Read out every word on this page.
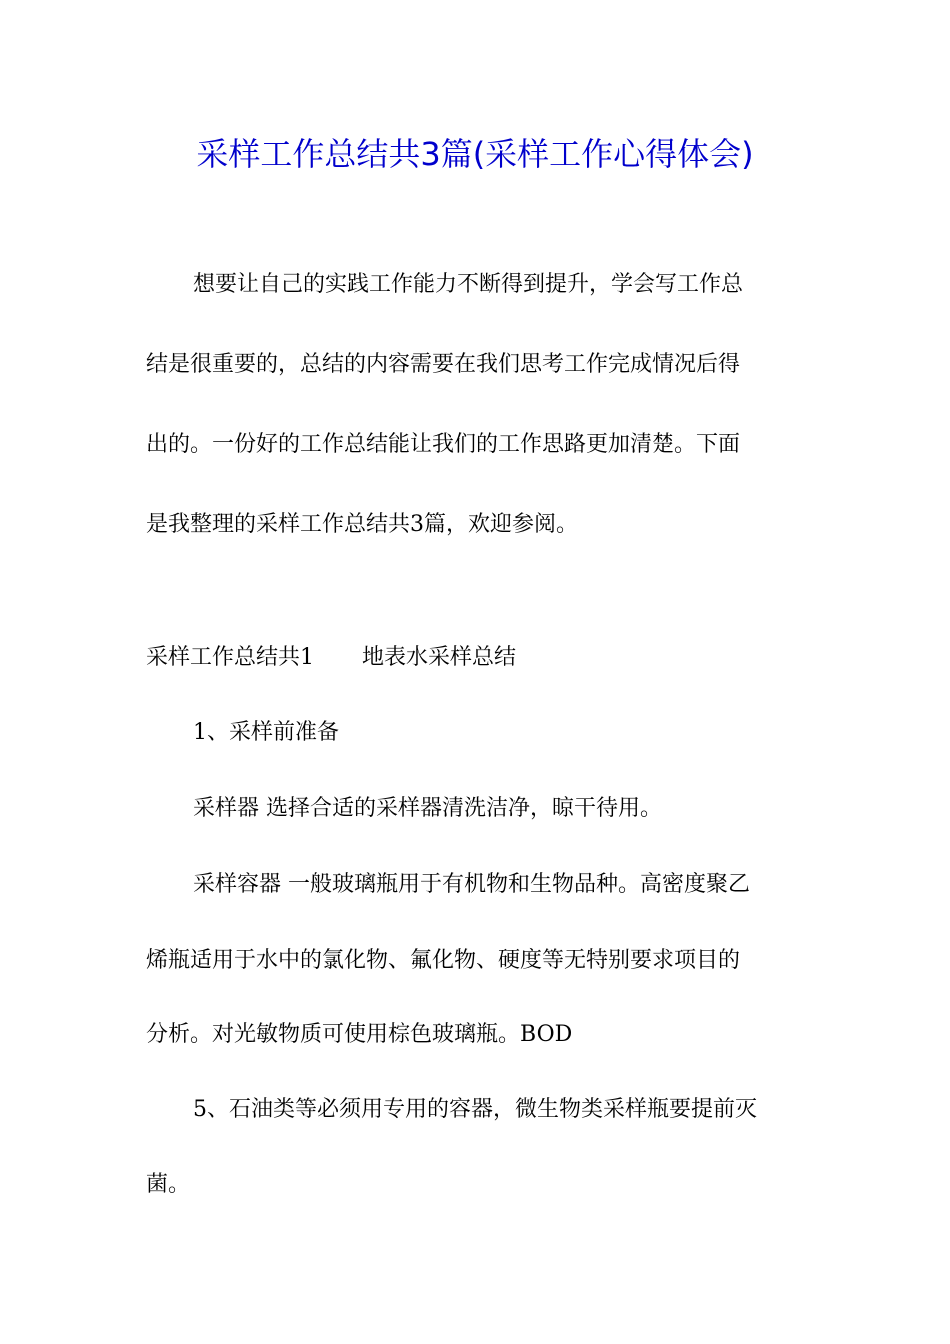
采样工作总结共3篇(采样工作心得体会)
想要让自己的实践工作能力不断得到提升，学会写工作总
结是很重要的，总结的内容需要在我们思考工作完成情况后得
出的。一份好的工作总结能让我们的工作思路更加清楚。下面
是我整理的采样工作总结共3篇，欢迎参阅。
采样工作总结共1 地表水采样总结
1、采样前准备
采样器 选择合适的采样器清洗洁净，晾干待用。
采样容器 一般玻璃瓶用于有机物和生物品种。高密度聚乙
烯瓶适用于水中的氯化物、氟化物、硬度等无特别要求项目的
分析。对光敏物质可使用棕色玻璃瓶。BOD
5、石油类等必须用专用的容器，微生物类采样瓶要提前灭
菌。
